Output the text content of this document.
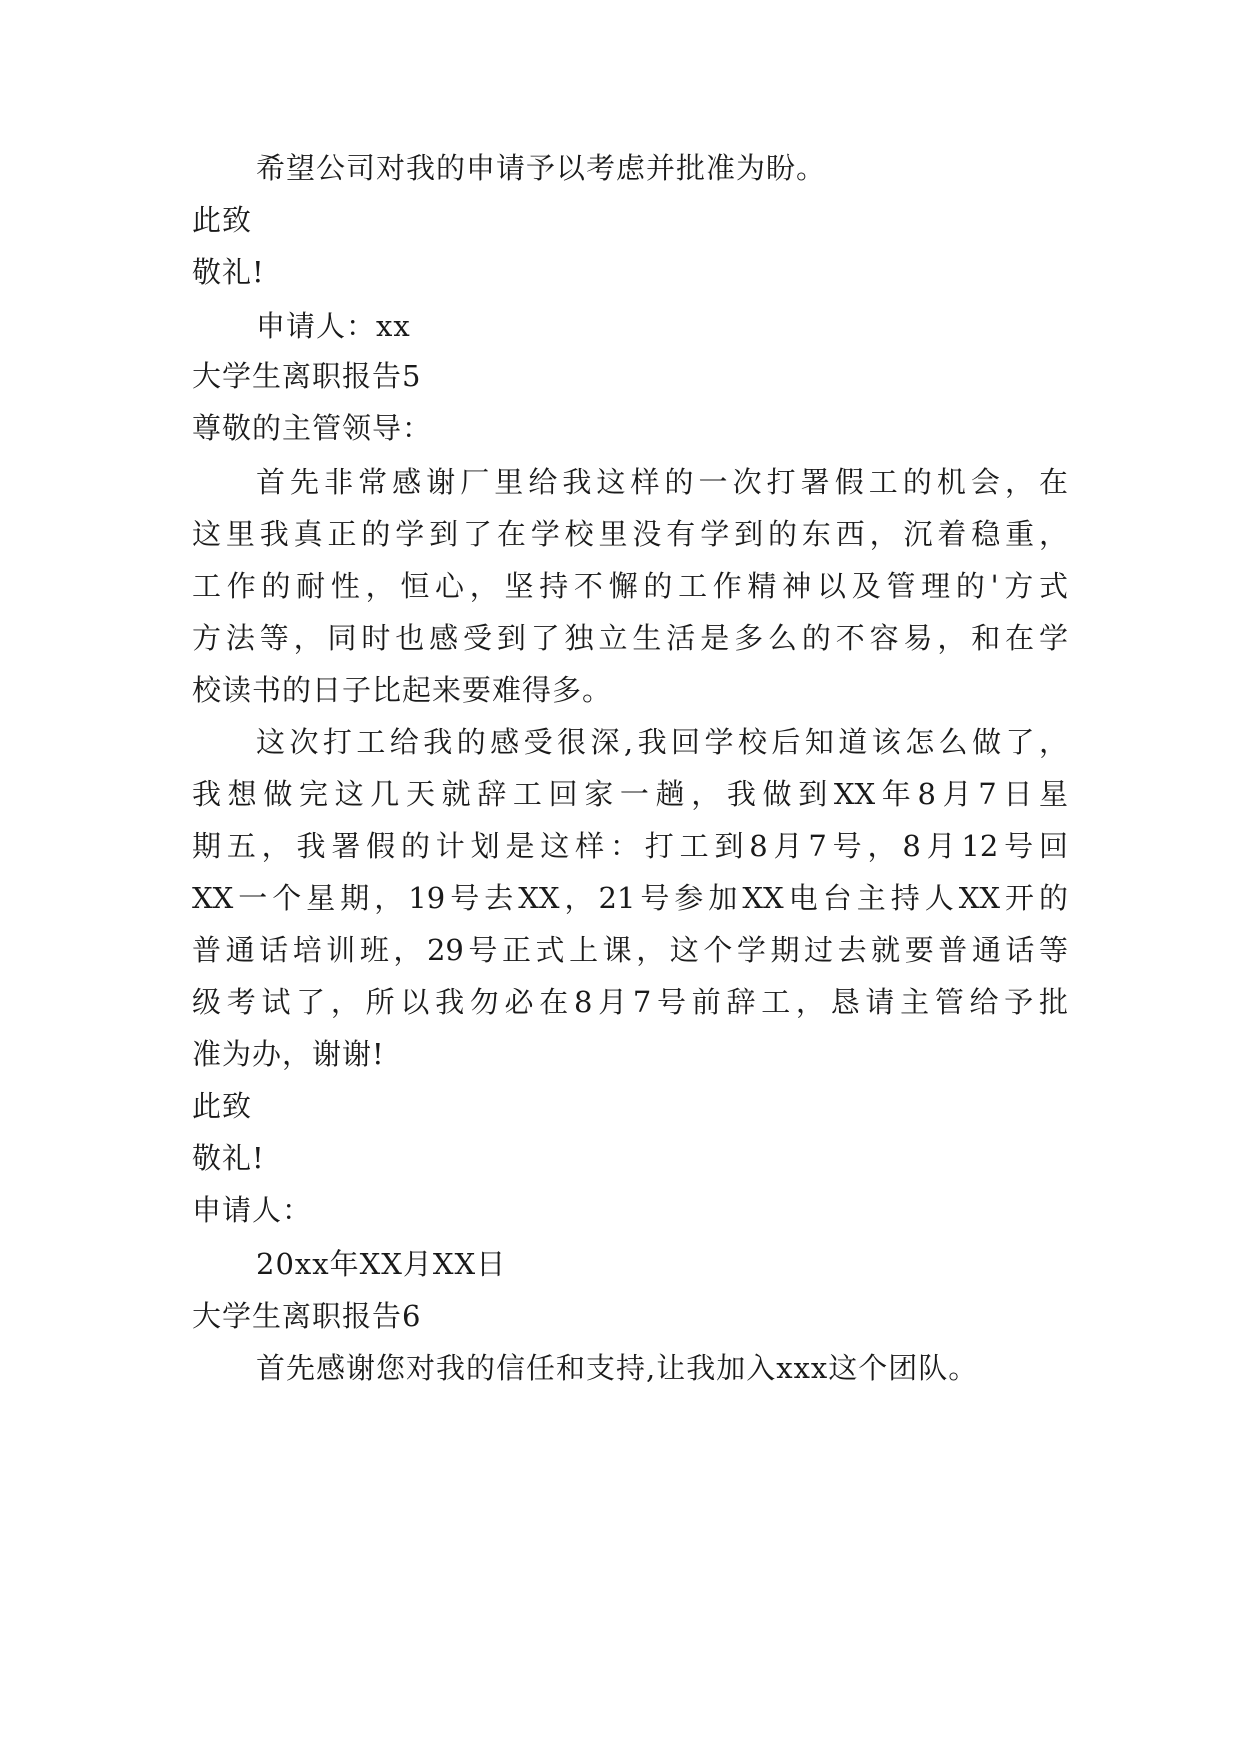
希望公司对我的申请予以考虑并批准为盼。
此致
敬礼!
申请人：xx
大学生离职报告5
尊敬的主管领导：
首先非常感谢厂里给我这样的一次打署假工的机会，在
这里我真正的学到了在学校里没有学到的东西，沉着稳重，
工作的耐性，恒心，坚持不懈的工作精神以及管理的'方式
方法等，同时也感受到了独立生活是多么的不容易，和在学
校读书的日子比起来要难得多。
这次打工给我的感受很深,我回学校后知道该怎么做了，
我想做完这几天就辞工回家一趟，我做到XX年8月7日星
期五，我署假的计划是这样：打工到8月7号，8月12号回
XX一个星期，19号去XX，21号参加XX电台主持人XX开的
普通话培训班，29号正式上课，这个学期过去就要普通话等
级考试了，所以我勿必在8月7号前辞工，恳请主管给予批
准为办，谢谢!
此致
敬礼!
申请人：
20xx年XX月XX日
大学生离职报告6
首先感谢您对我的信任和支持,让我加入xxx这个团队。
